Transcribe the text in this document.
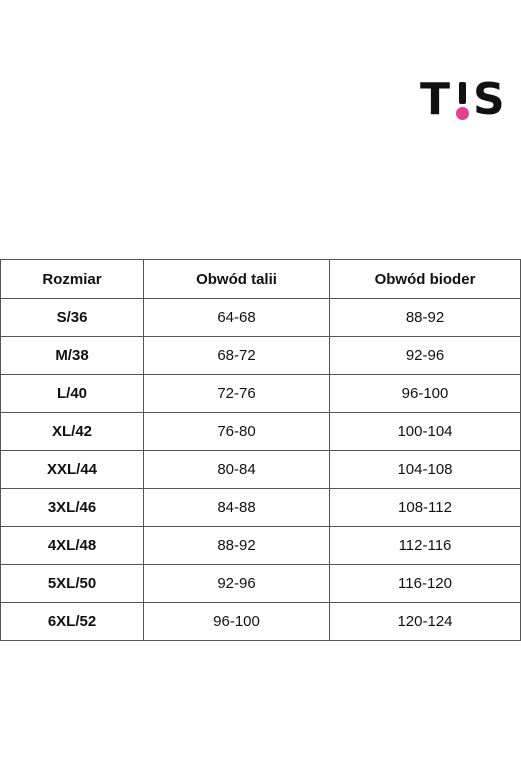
T S
Rozmiar	Obwód talii	Obwód bioder
S/36	64-68	88-92
M/38	68-72	92-96
L/40	72-76	96-100
XL/42	76-80	100-104
XXL/44	80-84	104-108
3XL/46	84-88	108-112
4XL/48	88-92	112-116
5XL/50	92-96	116-120
6XL/52	96-100	120-124
